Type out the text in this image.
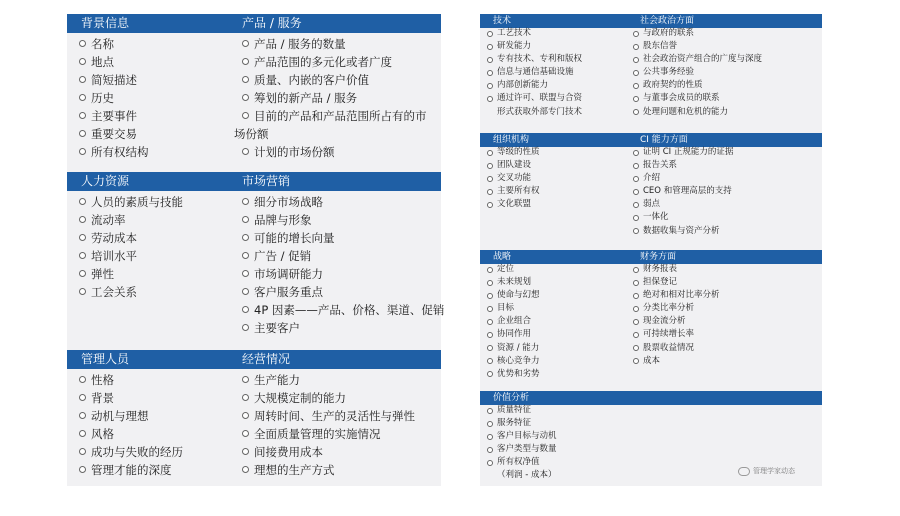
背景信息	产品 / 服务
名称
地点
简短描述
历史
主要事件
重要交易
所有权结构
产品 / 服务的数量
产品范围的多元化或者广度
质量、内嵌的客户价值
筹划的新产品 / 服务
目前的产品和产品范围所占有的市
场份额
计划的市场份额
人力资源	市场营销
人员的素质与技能
流动率
劳动成本
培训水平
弹性
工会关系
细分市场战略
品牌与形象
可能的增长向量
广告 / 促销
市场调研能力
客户服务重点
4P 因素——产品、价格、渠道、促销
主要客户
管理人员	经营情况
性格
背景
动机与理想
风格
成功与失败的经历
管理才能的深度
生产能力
大规模定制的能力
周转时间、生产的灵活性与弹性
全面质量管理的实施情况
间接费用成本
理想的生产方式
技术	社会政治方面
工艺技术
研发能力
专有技术、专利和版权
信息与通信基础设施
内部创新能力
通过许可、联盟与合资
形式获取外部专门技术
与政府的联系
股东信誉
社会政治资产组合的广度与深度
公共事务经验
政府契约的性质
与董事会成员的联系
处理问题和危机的能力
组织机构	CI 能力方面
等级的性质
团队建设
交叉功能
主要所有权
文化联盟
证明 CI 正规能力的证据
报告关系
介绍
CEO 和管理高层的支持
弱点
一体化
数据收集与资产分析
战略	财务方面
定位
未来规划
使命与幻想
目标
企业组合
协同作用
资源 / 能力
核心竞争力
优势和劣势
财务报表
担保登记
绝对和相对比率分析
分类比率分析
现金流分析
可持续增长率
股票收益情况
成本
价值分析
质量特征
服务特征
客户目标与动机
客户类型与数量
所有权净值
（利润 - 成本）	管理学家动态
